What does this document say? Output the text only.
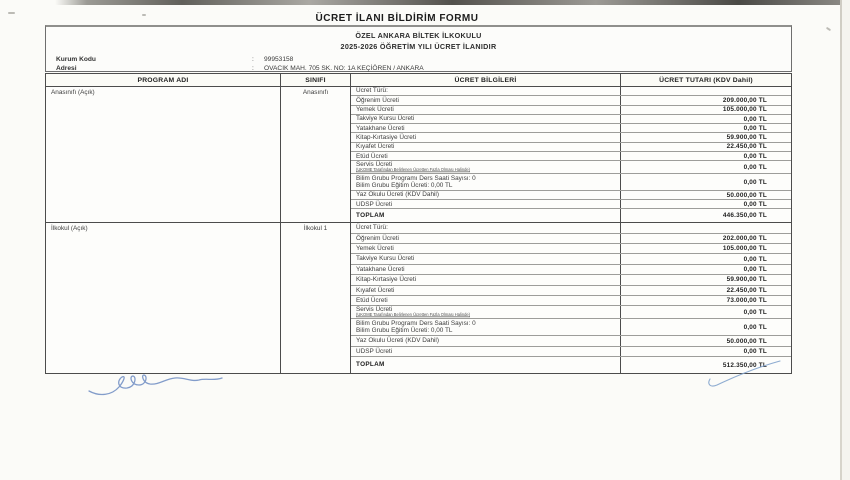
ÜCRET İLANI BİLDİRİM FORMU
ÖZEL ANKARA BİLTEK İLKOKULU
2025-2026 ÖĞRETİM YILI ÜCRET İLANIDIR
Kurum Kodu	:	99953158
Adresi	:	OVACIK MAH. 705 SK. NO: 1A KEÇİÖREN / ANKARA
PROGRAM ADI	SINIFI	ÜCRET BİLGİLERİ	ÜCRET TUTARI (KDV Dahil)
Anasınıfı (Açık)	Anasınıfı	Ücret Türü:
Öğrenim Ücreti	209.000,00 TL
Yemek Ücreti	105.000,00 TL
Takviye Kursu Ücreti	0,00 TL
Yatakhane Ücreti	0,00 TL
Kitap-Kırtasiye Ücreti	59.900,00 TL
Kıyafet Ücreti	22.450,00 TL
Etüd Ücreti	0,00 TL
Servis Ücreti
(UKOME Tarafından Belirlenen Ücretten Fazla Olması Halinde)	0,00 TL
Bilim Grubu Programı Ders Saati Sayısı: 0
Bilim Grubu Eğitim Ücreti: 0,00 TL	0,00 TL
Yaz Okulu Ücreti (KDV Dahil)	50.000,00 TL
UDSP Ücreti	0,00 TL
TOPLAM	446.350,00 TL
İlkokul (Açık)	İlkokul 1	Ücret Türü:
Öğrenim Ücreti	202.000,00 TL
Yemek Ücreti	105.000,00 TL
Takviye Kursu Ücreti	0,00 TL
Yatakhane Ücreti	0,00 TL
Kitap-Kırtasiye Ücreti	59.900,00 TL
Kıyafet Ücreti	22.450,00 TL
Etüd Ücreti	73.000,00 TL
Servis Ücreti
(UKOME Tarafından Belirlenen Ücretten Fazla Olması Halinde)	0,00 TL
Bilim Grubu Programı Ders Saati Sayısı: 0
Bilim Grubu Eğitim Ücreti: 0,00 TL	0,00 TL
Yaz Okulu Ücreti (KDV Dahil)	50.000,00 TL
UDSP Ücreti	0,00 TL
TOPLAM	512.350,00 TL
